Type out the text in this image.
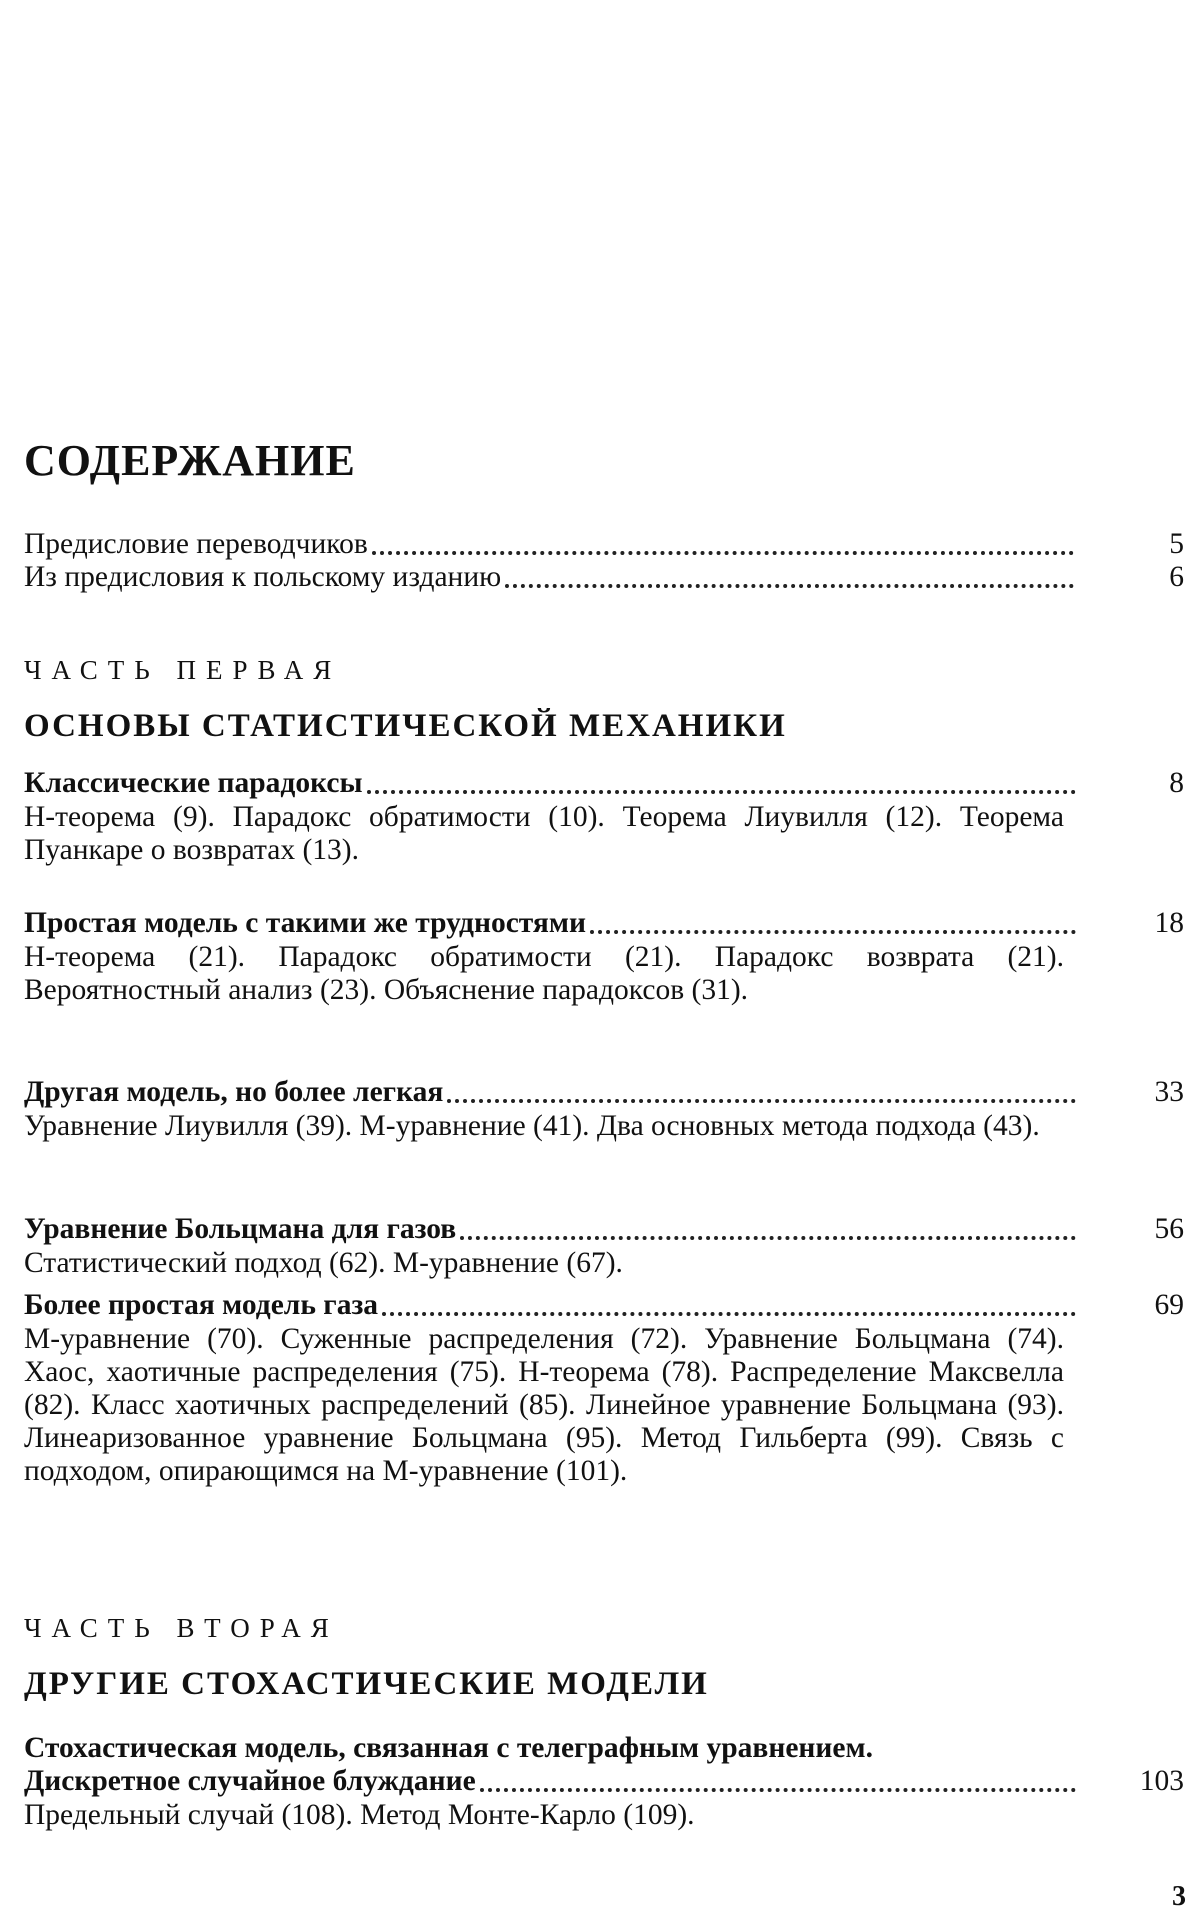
СОДЕРЖАНИЕ
Предисловие переводчиков	5
Из предисловия к польскому изданию	6
ЧАСТЬ ПЕРВАЯ
ОСНОВЫ СТАТИСТИЧЕСКОЙ МЕХАНИКИ
Классические парадоксы	8
Н-теорема (9). Парадокс обратимости (10). Теорема Лиувилля (12). Теорема Пуанкаре о возвратах (13).
Простая модель с такими же трудностями	18
Н-теорема (21). Парадокс обратимости (21). Парадокс возврата (21). Вероятностный анализ (23). Объяснение парадоксов (31).
Другая модель, но более легкая	33
Уравнение Лиувилля (39). М-уравнение (41). Два основных метода подхода (43).
Уравнение Больцмана для газов	56
Статистический подход (62). М-уравнение (67).
Более простая модель газа	69
М-уравнение (70). Суженные распределения (72). Уравнение Больцмана (74). Хаос, хаотичные распределения (75). Н-теорема (78). Распределение Максвелла (82). Класс хаотичных распределений (85). Линейное уравнение Больцмана (93). Линеаризованное уравнение Больцмана (95). Метод Гильберта (99). Связь с подходом, опирающимся на М-уравнение (101).
ЧАСТЬ ВТОРАЯ
ДРУГИЕ СТОХАСТИЧЕСКИЕ МОДЕЛИ
Стохастическая модель, связанная с телеграфным уравнением.
Дискретное случайное блуждание	103
Предельный случай (108). Метод Монте-Карло (109).
3
